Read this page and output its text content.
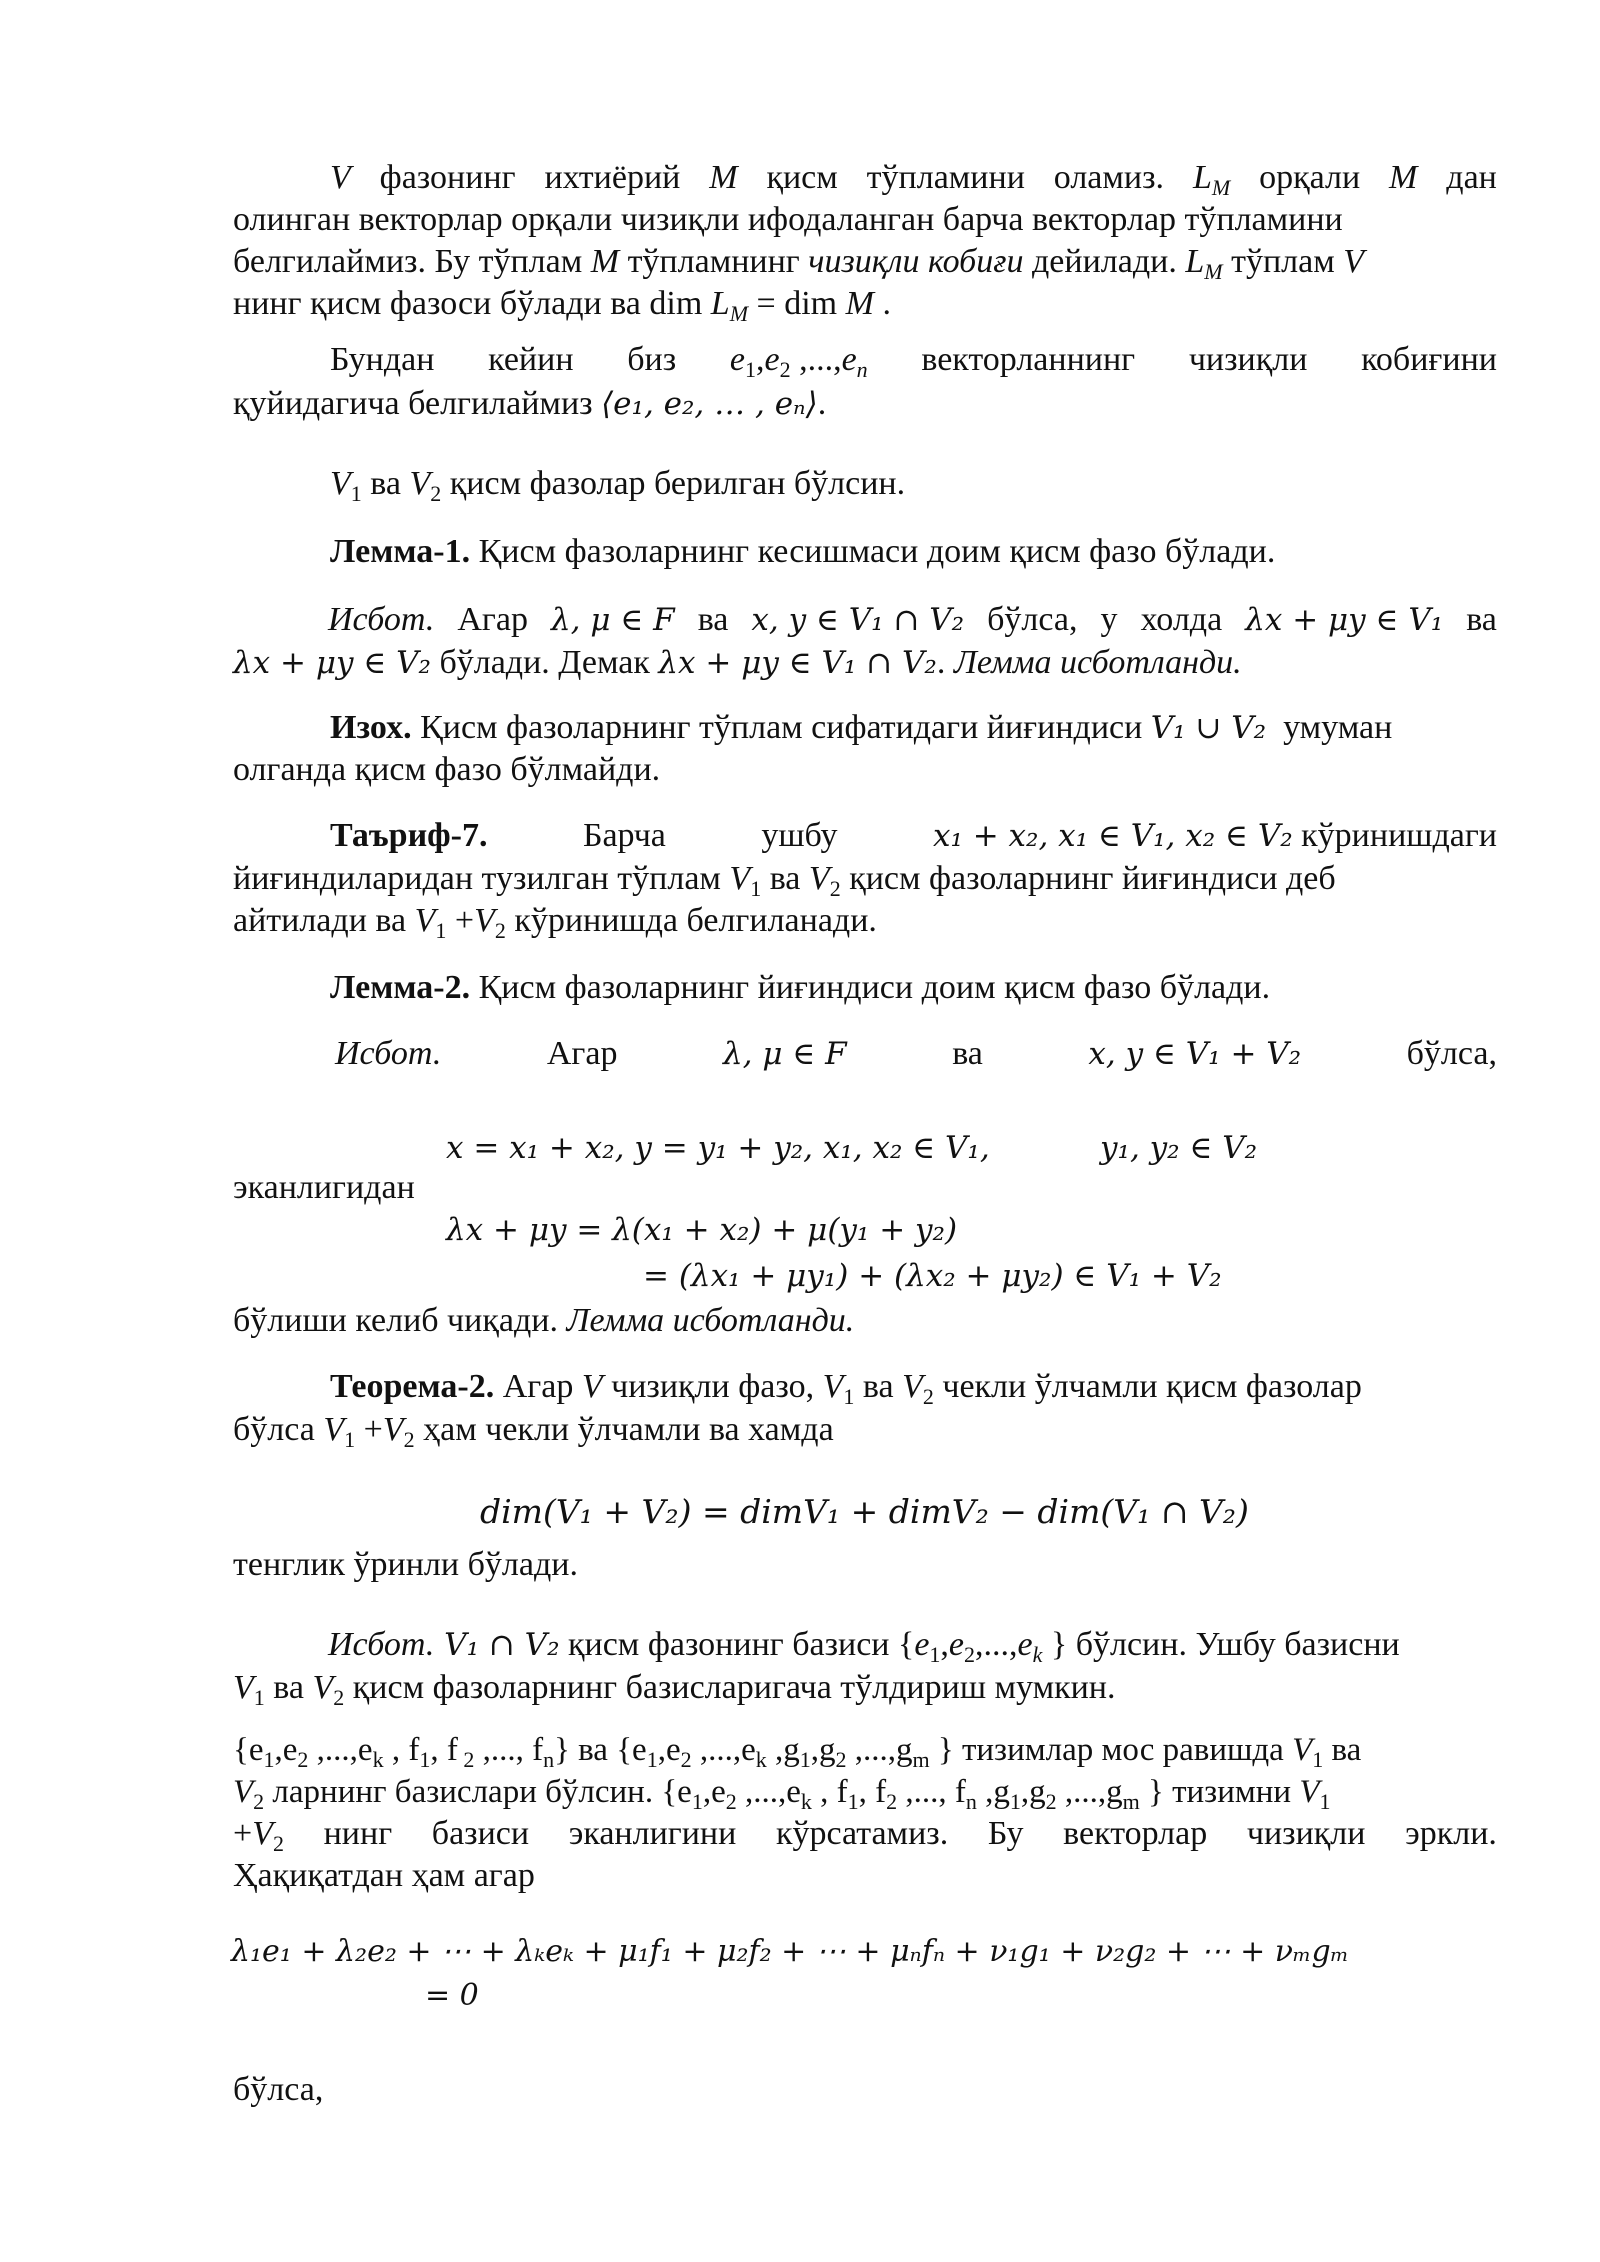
V фазонинг ихтиёрий M қисм тўпламини оламиз. $L_M$ орқали M дан
олинган векторлар орқали чизиқли ифодаланган барча векторлар тўпламини
белгилаймиз. Бу тўплам M тўпламнинг чизиқли кобиғи дейилади. $L_M$ тўплам V
нинг қисм фазоси бўлади ва dim $L_M$ = dim M .
Бундан кейин биз $e_1,e_2$ $,...,e_n$ векторланнинг чизиқли кобиғини
қуйидагича белгилаймиз ⟨e₁, e₂, … , eₙ⟩.
$V_1$ ва $V_2$ қисм фазолар берилган бўлсин.
Лемма-1. Қисм фазоларнинг кесишмаси доим қисм фазо бўлади.
Исбот. Агар λ, μ ∈ F ва x, y ∈ V₁ ∩ V₂ бўлса, у холда λx + μy ∈ V₁ ва
λx + μy ∈ V₂ бўлади. Демак λx + μy ∈ V₁ ∩ V₂. Лемма исботланди.
Изох. Қисм фазоларнинг тўплам сифатидаги йиғиндиси V₁ ∪ V₂  умуман
олганда қисм фазо бўлмайди.
Таъриф-7.	Барча	ушбу	x₁ + x₂, x₁ ∈ V₁, x₂ ∈ V₂ кўринишдаги
йиғиндиларидан тузилган тўплам $V_1$ ва $V_2$ қисм фазоларнинг йиғиндиси деб
айтилади ва $V_1 +V_2$ кўринишда белгиланади.
Лемма-2. Қисм фазоларнинг йиғиндиси доим қисм фазо бўлади.
Исбот.	Агар	λ, μ ∈ F	ва	x, y ∈ V₁ + V₂	бўлса,
x = x₁ + x₂, y = y₁ + y₂, x₁, x₂ ∈ V₁,	y₁, y₂ ∈ V₂
эканлигидан
λx + μy = λ(x₁ + x₂) + μ(y₁ + y₂)
= (λx₁ + μy₁) + (λx₂ + μy₂) ∈ V₁ + V₂
бўлиши келиб чиқади. Лемма исботланди.
Теорема-2. Агар V чизиқли фазо, $V_1$ ва $V_2$ чекли ўлчамли қисм фазолар
бўлса $V_1 +V_2$ ҳам чекли ўлчамли ва хамда
dim(V₁ + V₂) = dimV₁ + dimV₂ − dim(V₁ ∩ V₂)
тенглик ўринли бўлади.
Исбот. V₁ ∩ V₂ қисм фазонинг базиси {$e_1,e_2,...,e_k$ } бўлсин. Ушбу базисни
$V_1$ ва $V_2$ қисм фазоларнинг базисларигача тўлдириш мумкин.
{$e_1,e_2$ $,...,e_k$ , $f_1$, f $_2$ ,..., $f_n$} ва {$e_1,e_2$ $,...,e_k$ $,g_1,g_2$ $,...,g_m$ } тизимлар мос равишда $V_1$ ва
$V_2$ ларнинг базислари бўлсин. {$e_1,e_2$ $,...,e_k$ , $f_1$, $f_2$ ,..., $f_n$ $,g_1,g_2$ $,...,g_m$ } тизимни $V_1$
$+V_2$ нинг базиси эканлигини кўрсатамиз. Бу векторлар чизиқли эркли.
Ҳақиқатдан ҳам агар
λ₁e₁ + λ₂e₂ + ⋯ + λₖeₖ + μ₁f₁ + μ₂f₂ + ⋯ + μₙfₙ + ν₁g₁ + ν₂g₂ + ⋯ + νₘgₘ
= 0
бўлса,
